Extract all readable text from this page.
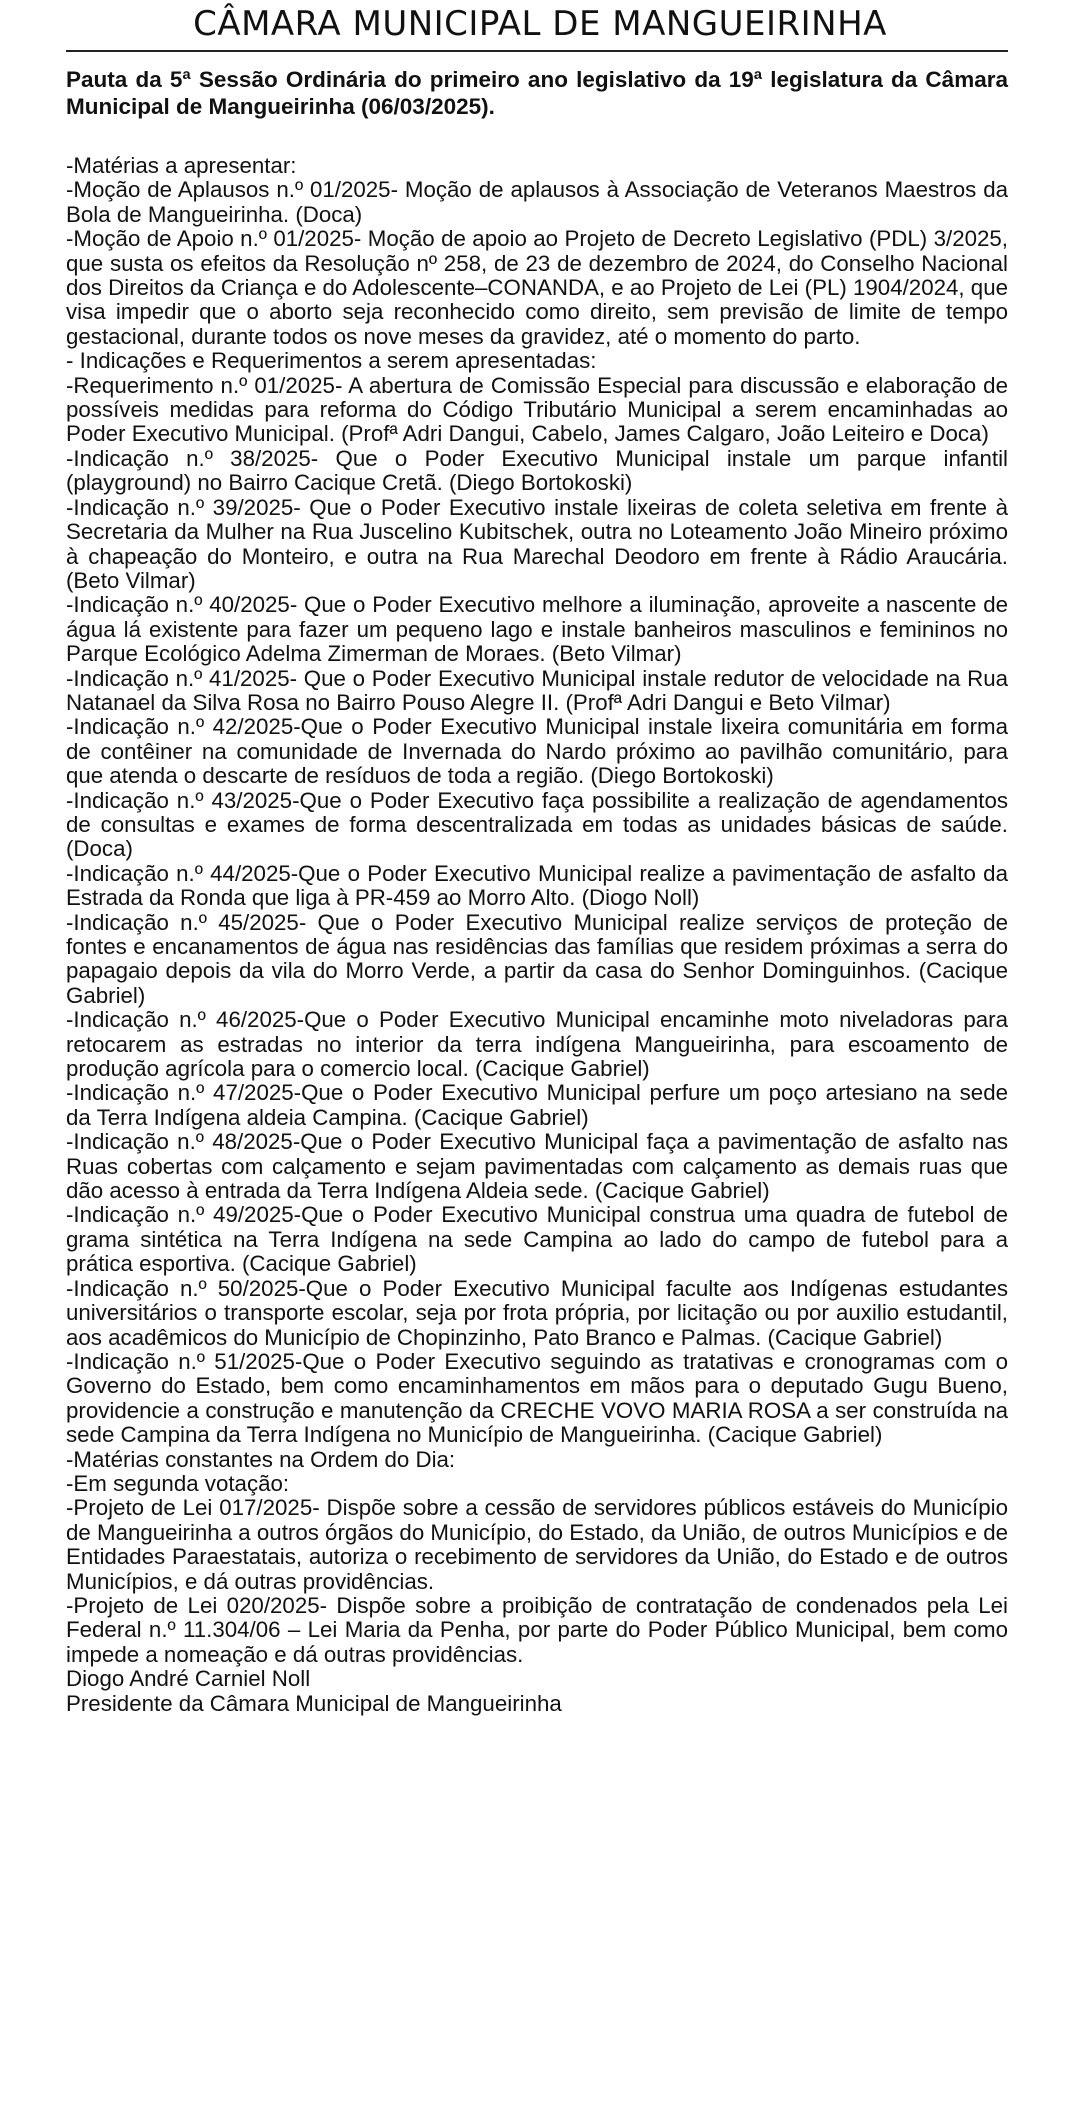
CÂMARA MUNICIPAL DE MANGUEIRINHA
Pauta da 5ª Sessão Ordinária do primeiro ano legislativo da 19ª legislatura da Câmara Municipal de Mangueirinha (06/03/2025).

-Matérias a apresentar:

-Moção de Aplausos n.º 01/2025- Moção de aplausos à Associação de Veteranos Maestros da Bola de Mangueirinha. (Doca)

-Moção de Apoio n.º 01/2025- Moção de apoio ao Projeto de Decreto Legislativo (PDL) 3/2025, que susta os efeitos da Resolução nº 258, de 23 de dezembro de 2024, do Conselho Nacional dos Direitos da Criança e do Adolescente–CONANDA, e ao Projeto de Lei (PL) 1904/2024, que visa impedir que o aborto seja reconhecido como direito, sem previsão de limite de tempo gestacional, durante todos os nove meses da gravidez, até o momento do parto.

- Indicações e Requerimentos a serem apresentadas:

-Requerimento n.º 01/2025- A abertura de Comissão Especial para discussão e elaboração de possíveis medidas para reforma do Código Tributário Municipal a serem encaminhadas ao Poder Executivo Municipal. (Profª Adri Dangui, Cabelo, James Calgaro, João Leiteiro e Doca)

-Indicação n.º 38/2025- Que o Poder Executivo Municipal instale um parque infantil (playground) no Bairro Cacique Cretã. (Diego Bortokoski)

-Indicação n.º 39/2025- Que o Poder Executivo instale lixeiras de coleta seletiva em frente à Secretaria da Mulher na Rua Juscelino Kubitschek, outra no Loteamento João Mineiro próximo à chapeação do Monteiro, e outra na Rua Marechal Deodoro em frente à Rádio Araucária. (Beto Vilmar)

-Indicação n.º 40/2025- Que o Poder Executivo melhore a iluminação, aproveite a nascente de água lá existente para fazer um pequeno lago e instale banheiros masculinos e femininos no Parque Ecológico Adelma Zimerman de Moraes. (Beto Vilmar)

-Indicação n.º 41/2025- Que o Poder Executivo Municipal instale redutor de velocidade na Rua Natanael da Silva Rosa no Bairro Pouso Alegre II. (Profª Adri Dangui e Beto Vilmar)

-Indicação n.º 42/2025-Que o Poder Executivo Municipal instale lixeira comunitária em forma de contêiner na comunidade de Invernada do Nardo próximo ao pavilhão comunitário, para que atenda o descarte de resíduos de toda a região. (Diego Bortokoski)

-Indicação n.º 43/2025-Que o Poder Executivo faça possibilite a realização de agendamentos de consultas e exames de forma descentralizada em todas as unidades básicas de saúde. (Doca)

-Indicação n.º 44/2025-Que o Poder Executivo Municipal realize a pavimentação de asfalto da Estrada da Ronda que liga à PR-459 ao Morro Alto. (Diogo Noll)

-Indicação n.º 45/2025- Que o Poder Executivo Municipal realize serviços de proteção de fontes e encanamentos de água nas residências das famílias que residem próximas a serra do papagaio depois da vila do Morro Verde, a partir da casa do Senhor Dominguinhos. (Cacique Gabriel)

-Indicação n.º 46/2025-Que o Poder Executivo Municipal encaminhe moto niveladoras para retocarem as estradas no interior da terra indígena Mangueirinha, para escoamento de produção agrícola para o comercio local. (Cacique Gabriel)

-Indicação n.º 47/2025-Que o Poder Executivo Municipal perfure um poço artesiano na sede da Terra Indígena aldeia Campina. (Cacique Gabriel)

-Indicação n.º 48/2025-Que o Poder Executivo Municipal faça a pavimentação de asfalto nas Ruas cobertas com calçamento e sejam pavimentadas com calçamento as demais ruas que dão acesso à entrada da Terra Indígena Aldeia sede. (Cacique Gabriel)

-Indicação n.º 49/2025-Que o Poder Executivo Municipal construa uma quadra de futebol de grama sintética na Terra Indígena na sede Campina ao lado do campo de futebol para a prática esportiva. (Cacique Gabriel)

-Indicação n.º 50/2025-Que o Poder Executivo Municipal faculte aos Indígenas estudantes universitários o transporte escolar, seja por frota própria, por licitação ou por auxilio estudantil, aos acadêmicos do Município de Chopinzinho, Pato Branco e Palmas. (Cacique Gabriel)

-Indicação n.º 51/2025-Que o Poder Executivo seguindo as tratativas e cronogramas com o Governo do Estado, bem como encaminhamentos em mãos para o deputado Gugu Bueno, providencie a construção e manutenção da CRECHE VOVO MARIA ROSA a ser construída na sede Campina da Terra Indígena no Município de Mangueirinha. (Cacique Gabriel)

-Matérias constantes na Ordem do Dia:

-Em segunda votação:

-Projeto de Lei 017/2025- Dispõe sobre a cessão de servidores públicos estáveis do Município de Mangueirinha a outros órgãos do Município, do Estado, da União, de outros Municípios e de Entidades Paraestatais, autoriza o recebimento de servidores da União, do Estado e de outros Municípios, e dá outras providências.

-Projeto de Lei 020/2025- Dispõe sobre a proibição de contratação de condenados pela Lei Federal n.º 11.304/06 – Lei Maria da Penha, por parte do Poder Público Municipal, bem como impede a nomeação e dá outras providências.

Diogo André Carniel Noll

Presidente da Câmara Municipal de Mangueirinha
